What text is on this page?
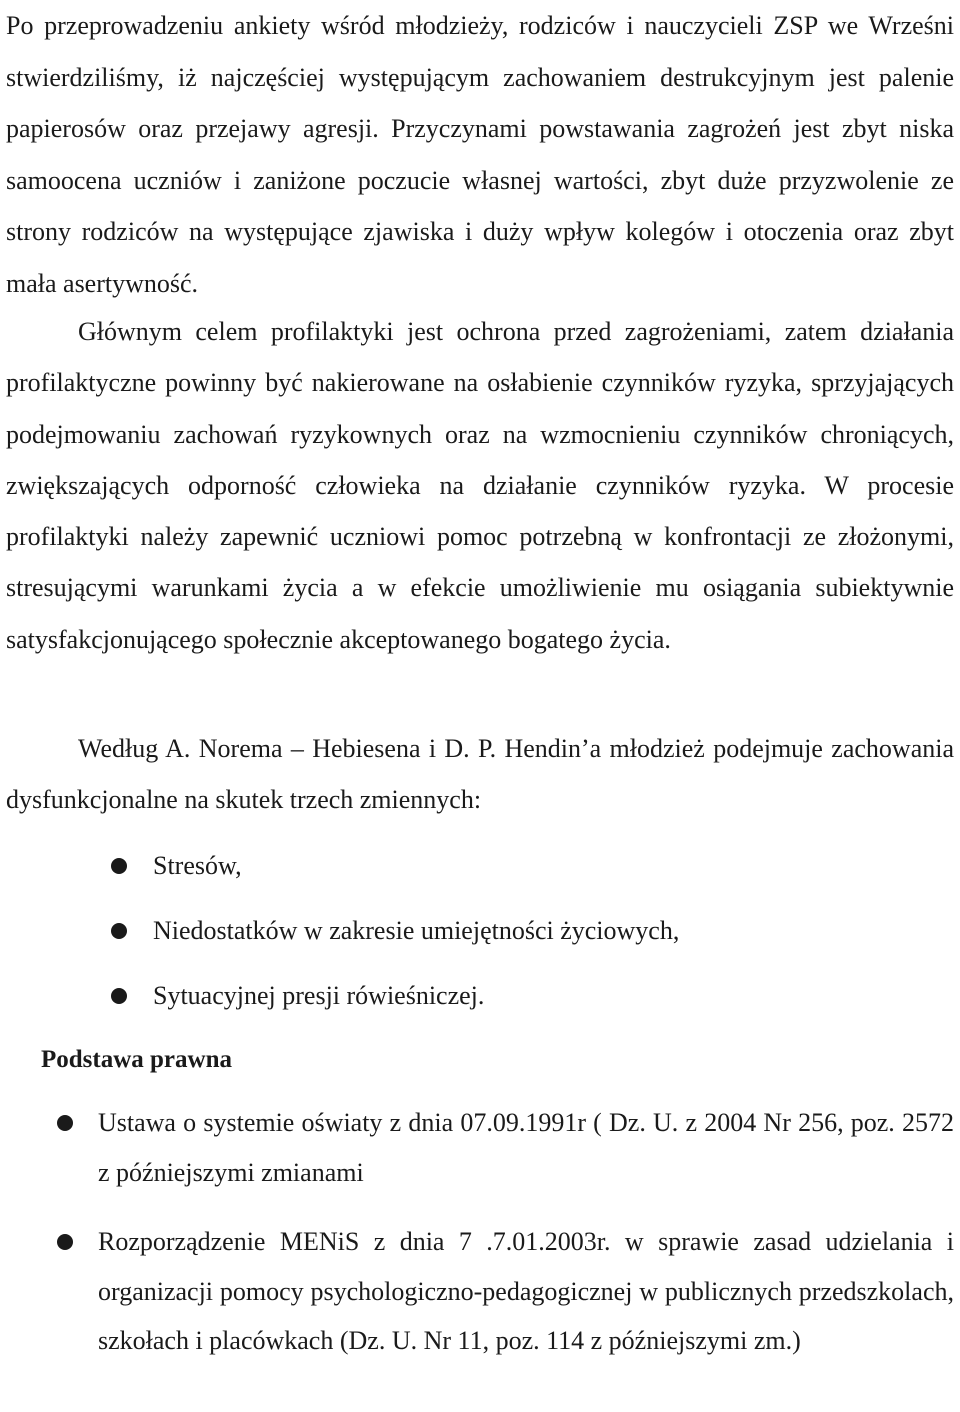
Po przeprowadzeniu ankiety wśród młodzieży, rodziców i nauczycieli ZSP we Wrześni stwierdziliśmy, iż najczęściej występującym zachowaniem destrukcyjnym jest palenie papierosów oraz przejawy agresji. Przyczynami powstawania zagrożeń jest zbyt niska samoocena uczniów i zaniżone poczucie własnej wartości, zbyt duże przyzwolenie ze strony rodziców na występujące zjawiska i duży wpływ kolegów i otoczenia oraz zbyt mała asertywność.

Głównym celem profilaktyki jest ochrona przed zagrożeniami, zatem działania profilaktyczne powinny być nakierowane na osłabienie czynników ryzyka, sprzyjających podejmowaniu zachowań ryzykownych oraz na wzmocnieniu czynników chroniących, zwiększających odporność człowieka na działanie czynników ryzyka. W procesie profilaktyki należy zapewnić uczniowi pomoc potrzebną w konfrontacji ze złożonymi, stresującymi warunkami życia a w efekcie umożliwienie mu osiągania subiektywnie satysfakcjonującego społecznie akceptowanego bogatego życia.

Według A. Norema – Hebiesena i D. P. Hendin’a młodzież podejmuje zachowania dysfunkcjonalne na skutek trzech zmiennych:

Stresów,
Niedostatków w zakresie umiejętności życiowych,
Sytuacyjnej presji rówieśniczej.
Podstawa prawna
Ustawa o systemie oświaty z dnia 07.09.1991r ( Dz. U. z 2004 Nr 256, poz. 2572 z późniejszymi zmianami
Rozporządzenie MENiS z dnia 7 .7.01.2003r. w sprawie zasad udzielania i organizacji pomocy psychologiczno-pedagogicznej w publicznych przedszkolach, szkołach i placówkach (Dz. U. Nr 11, poz. 114 z późniejszymi zm.)
